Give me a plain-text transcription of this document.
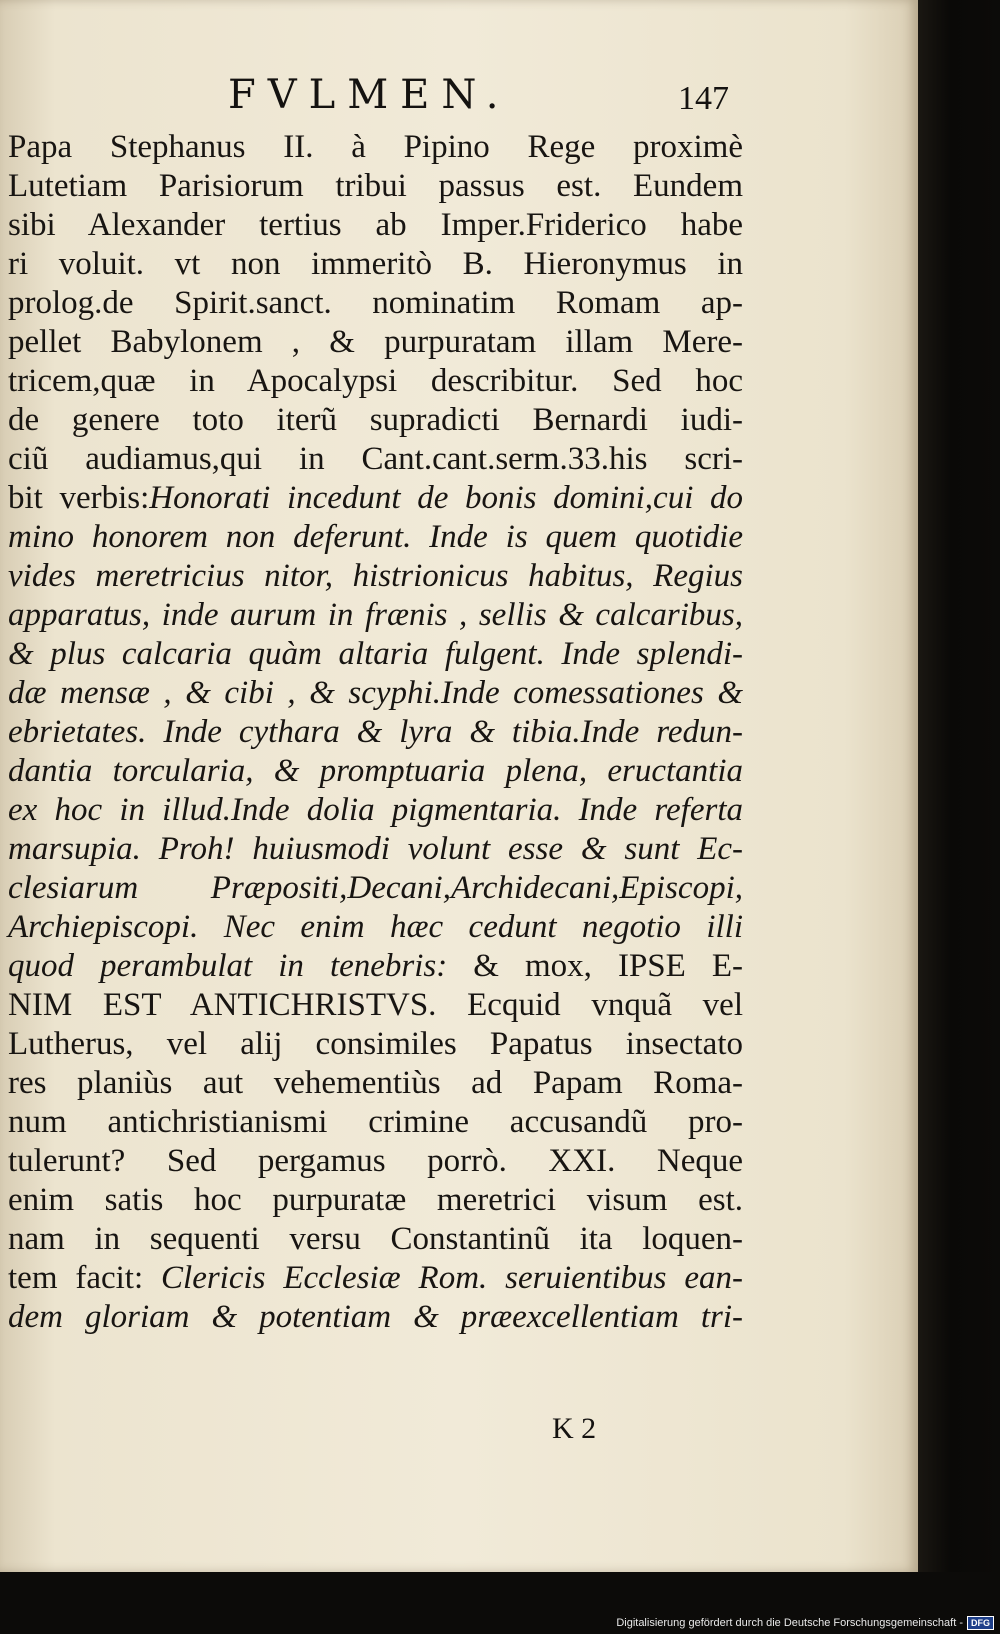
FVLMEN.	147
Papa Stephanus II. à Pipino Rege proximè
Lutetiam Parisiorum tribui passus est. Eundem
sibi Alexander tertius ab Imper.Friderico habe
ri voluit. vt non immeritò B. Hieronymus in
prolog.de Spirit.sanct. nominatim Romam ap-
pellet Babylonem , & purpuratam illam Mere-
tricem,quæ in Apocalypsi describitur. Sed hoc
de genere toto iterũ supradicti Bernardi iudi-
ciũ audiamus,qui in Cant.cant.serm.33.his scri-
bit verbis:Honorati incedunt de bonis domini,cui do
mino honorem non deferunt. Inde is quem quotidie
vides meretricius nitor, histrionicus habitus, Regius
apparatus, inde aurum in frænis , sellis & calcaribus,
& plus calcaria quàm altaria fulgent. Inde splendi-
dæ mensæ , & cibi , & scyphi.Inde comessationes &
ebrietates. Inde cythara & lyra & tibia.Inde redun-
dantia torcularia, & promptuaria plena, eructantia
ex hoc in illud.Inde dolia pigmentaria. Inde referta
marsupia. Proh! huiusmodi volunt esse & sunt Ec-
clesiarum Præpositi,Decani,Archidecani,Episcopi,
Archiepiscopi. Nec enim hæc cedunt negotio illi
quod perambulat in tenebris: & mox, IPSE E-
NIM EST ANTICHRISTVS. Ecquid vnquã vel
Lutherus, vel alij consimiles Papatus insectato
res planiùs aut vehementiùs ad Papam Roma-
num antichristianismi crimine accusandũ pro-
tulerunt? Sed pergamus porrò. XXI. Neque
enim satis hoc purpuratæ meretrici visum est.
nam in sequenti versu Constantinũ ita loquen-
tem facit: Clericis Ecclesiæ Rom. seruientibus ean-
dem gloriam & potentiam & præexcellentiam tri-
K 2
Digitalisierung gefördert durch die Deutsche Forschungsgemeinschaft - DFG
